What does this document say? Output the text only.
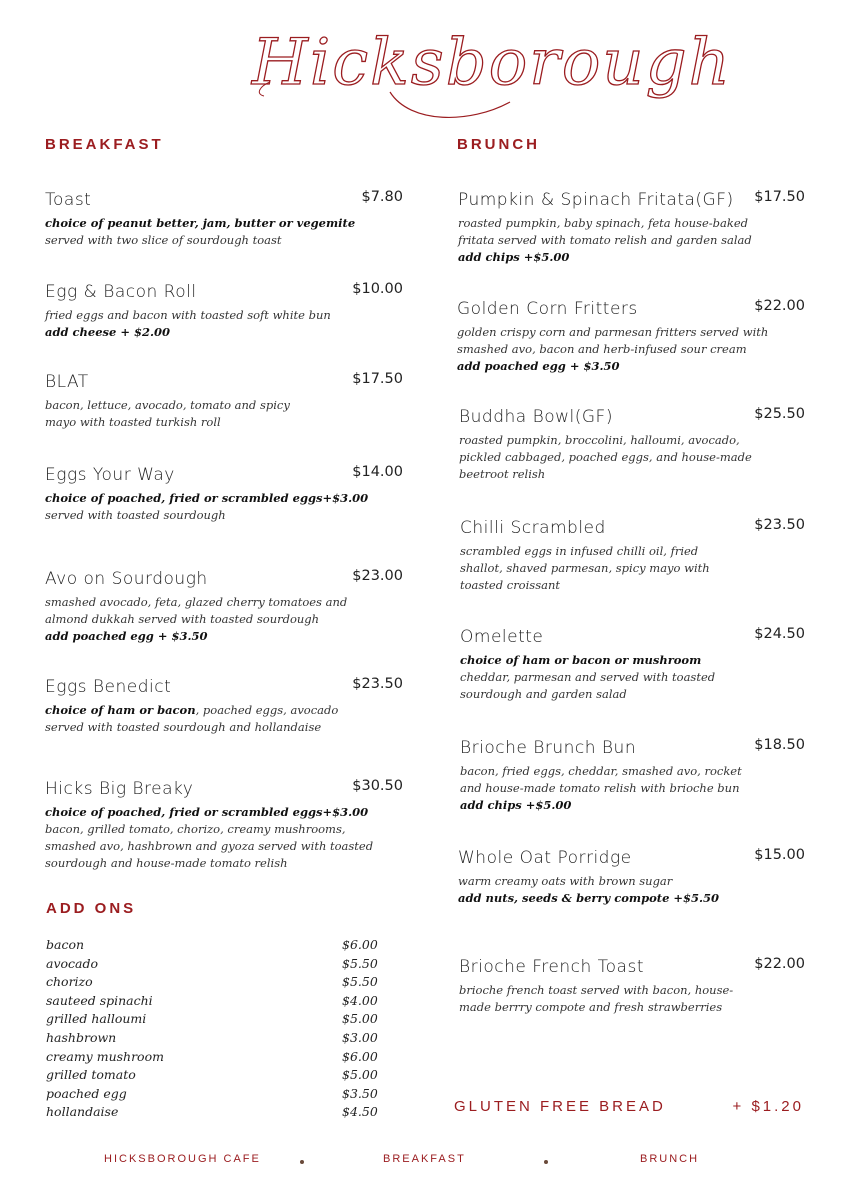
Hicksborough
BREAKFAST
Toast	$7.80
choice of peanut better, jam, butter or vegemite
served with two slice of sourdough toast
Egg & Bacon Roll	$10.00
fried eggs and bacon with toasted soft white bun
add cheese + $2.00
BLAT	$17.50
bacon, lettuce, avocado, tomato and spicy mayo with toasted turkish roll
Eggs Your Way	$14.00
choice of poached, fried or scrambled eggs+$3.00
served with toasted sourdough
Avo on Sourdough	$23.00
smashed avocado, feta, glazed cherry tomatoes and almond dukkah served with toasted sourdough
add poached egg + $3.50
Eggs Benedict	$23.50
choice of ham or bacon, poached eggs, avocado served with toasted sourdough and hollandaise
Hicks Big Breaky	$30.50
choice of poached, fried or scrambled eggs+$3.00
bacon, grilled tomato, chorizo, creamy mushrooms, smashed avo, hashbrown and gyoza served with toasted sourdough and house-made tomato relish
ADD ONS
bacon	$6.00
avocado	$5.50
chorizo	$5.50
sauteed spinachi	$4.00
grilled halloumi	$5.00
hashbrown	$3.00
creamy mushroom	$6.00
grilled tomato	$5.00
poached egg	$3.50
hollandaise	$4.50
BRUNCH
Pumpkin & Spinach Fritata(GF)	$17.50
roasted pumpkin, baby spinach, feta house-baked fritata served with tomato relish and garden salad
add chips +$5.00
Golden Corn Fritters	$22.00
golden crispy corn and parmesan fritters served with smashed avo, bacon and herb-infused sour cream
add poached egg + $3.50
Buddha Bowl(GF)	$25.50
roasted pumpkin, broccolini, halloumi, avocado, pickled cabbaged, poached eggs, and house-made beetroot relish
Chilli Scrambled	$23.50
scrambled eggs in infused chilli oil, fried shallot, shaved parmesan, spicy mayo with toasted croissant
Omelette	$24.50
choice of ham or bacon or mushroom
cheddar, parmesan and served with toasted sourdough and garden salad
Brioche Brunch Bun	$18.50
bacon, fried eggs, cheddar, smashed avo, rocket and house-made tomato relish with brioche bun
add chips +$5.00
Whole Oat Porridge	$15.00
warm creamy oats with brown sugar
add nuts, seeds & berry compote +$5.50
Brioche French Toast	$22.00
brioche french toast served with bacon, house-made berrry compote and fresh strawberries
GLUTEN FREE BREAD	+ $1.20
HICKSBOROUGH CAFE	BREAKFAST	BRUNCH
